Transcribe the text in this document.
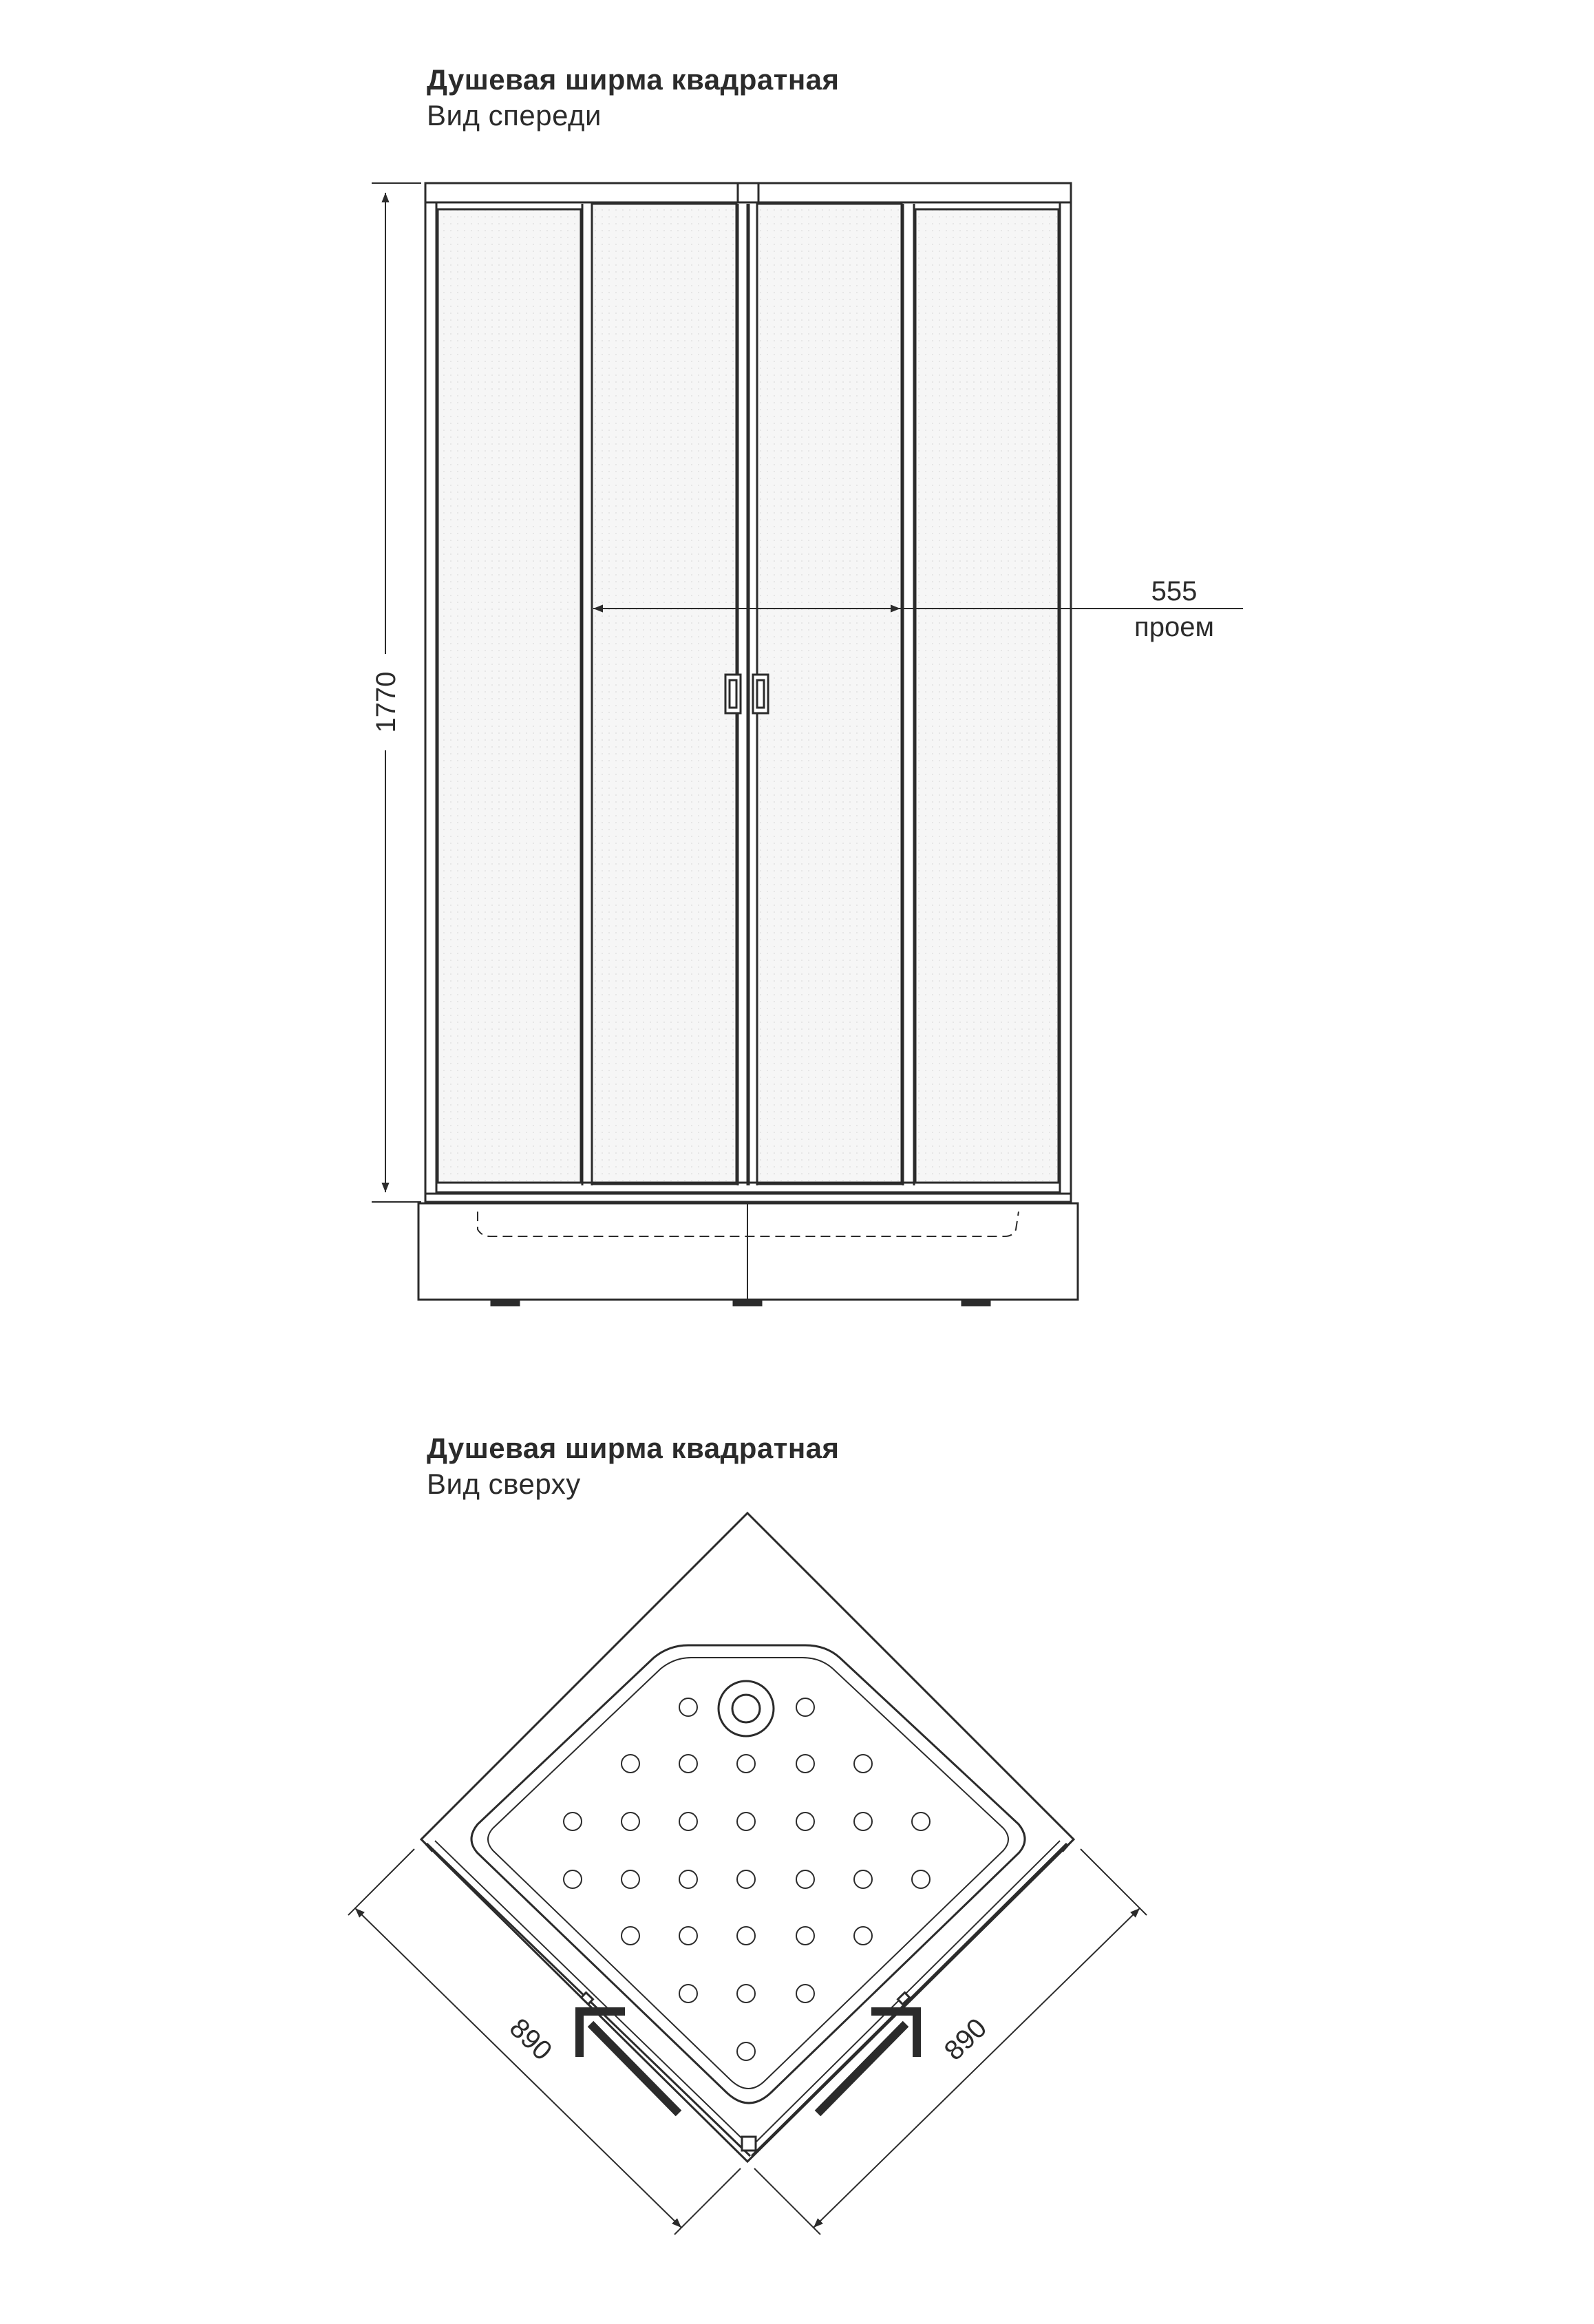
Душевая ширма квадратная
Вид спереди
Душевая ширма квадратная
Вид сверху
1770
555
проем
890	890
